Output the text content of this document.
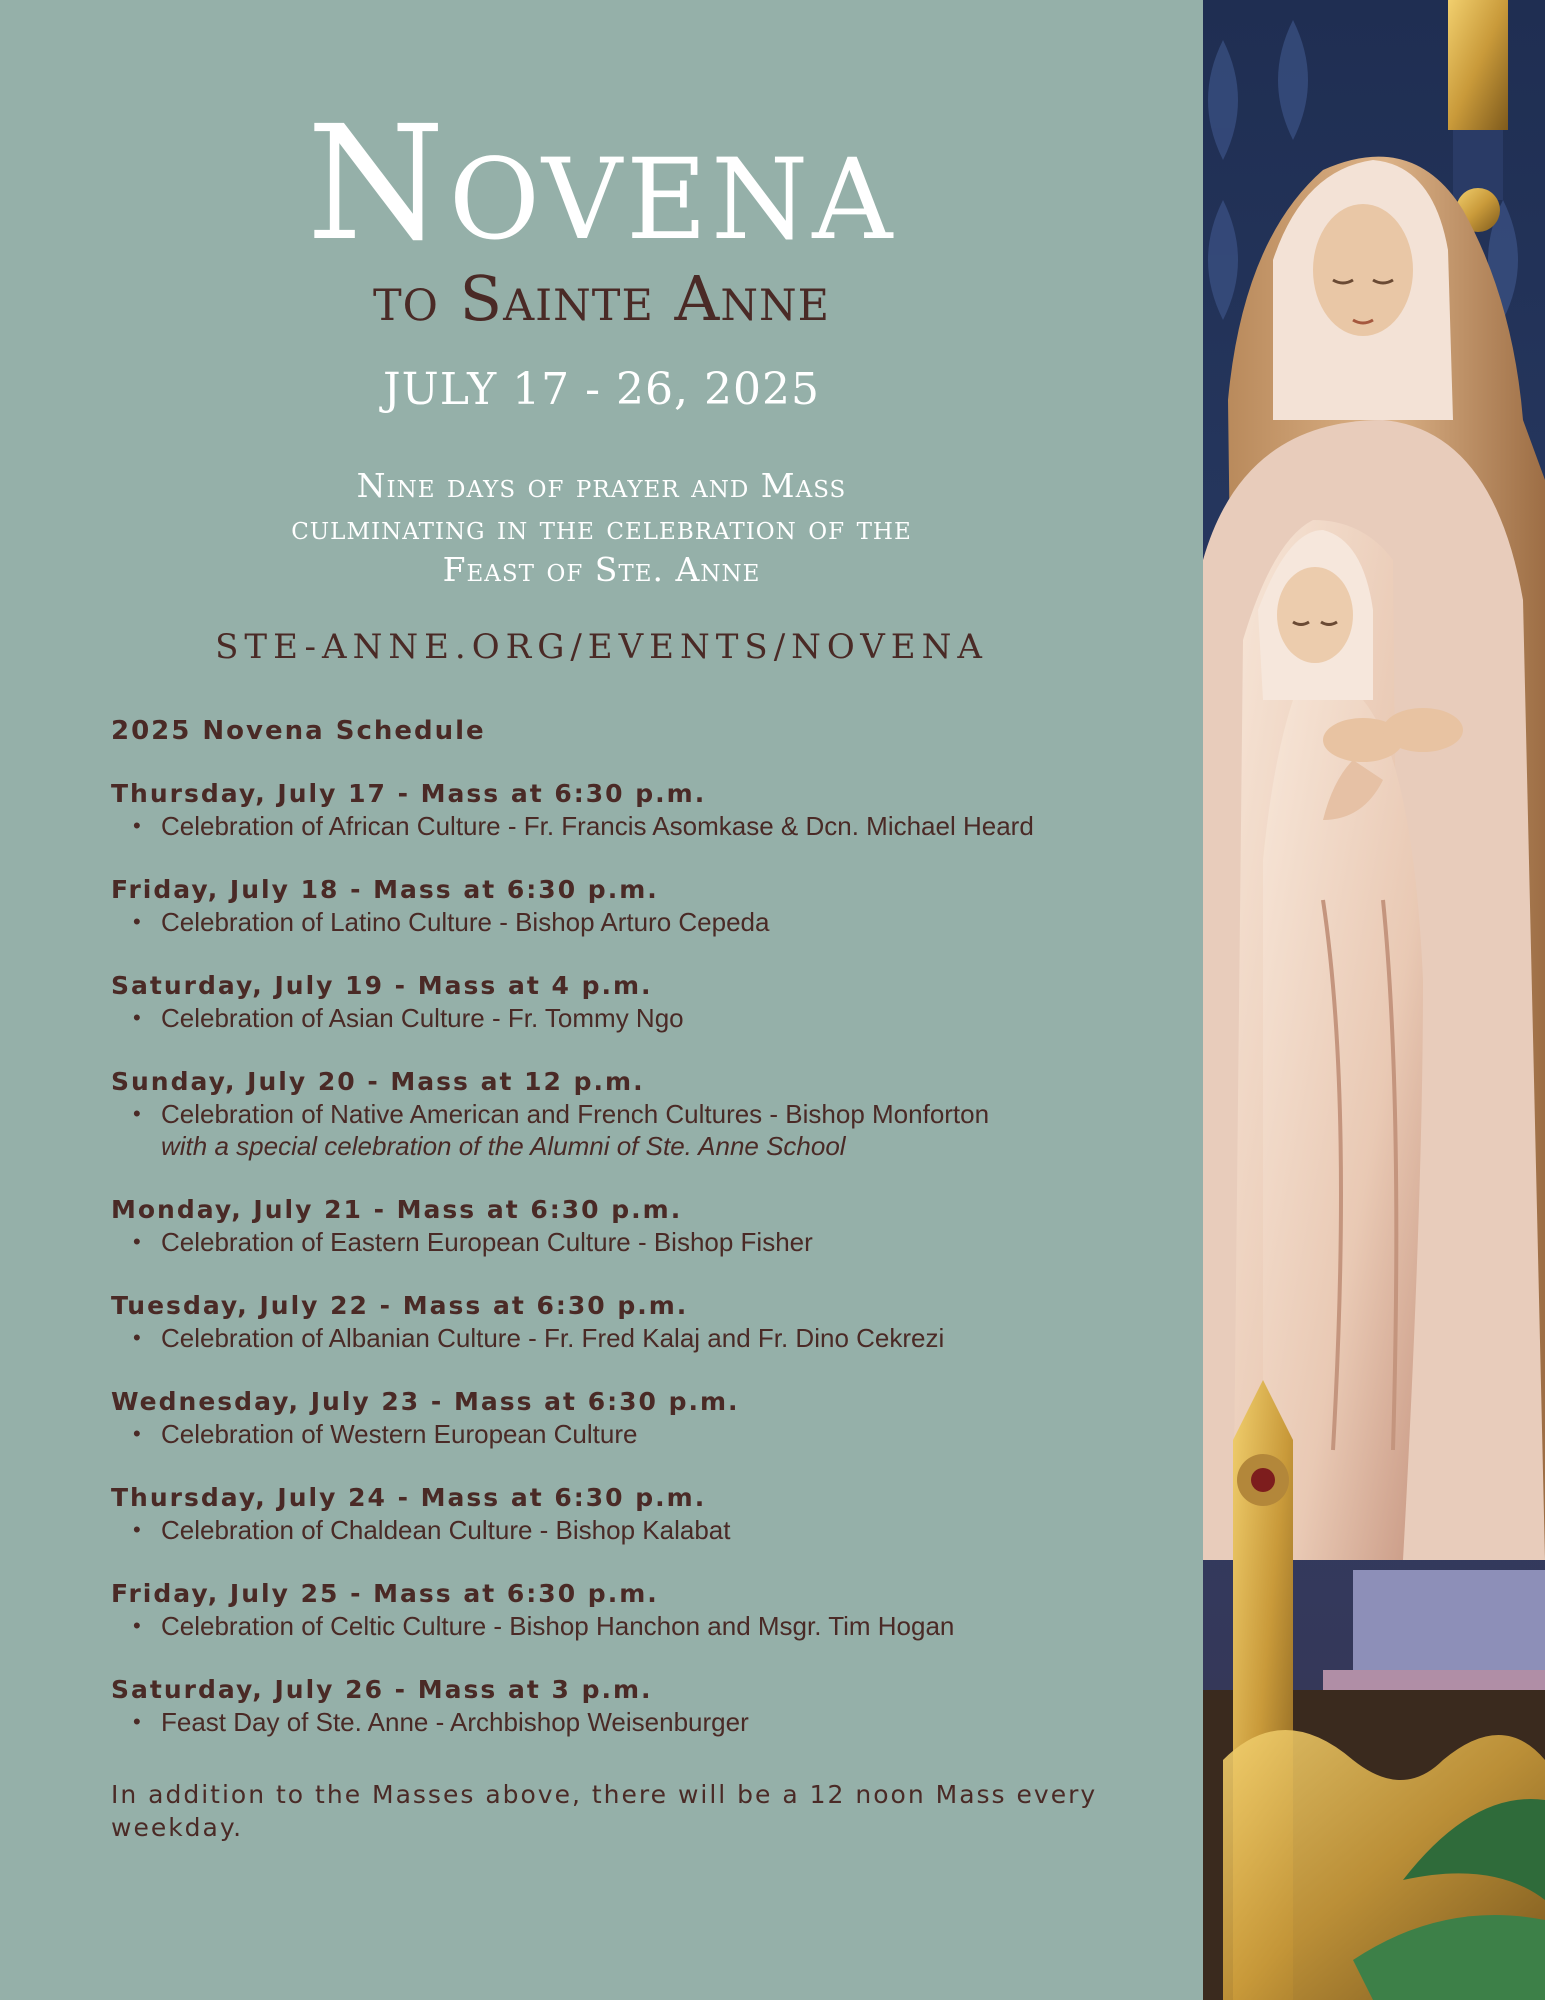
Novena
to Sainte Anne
JULY 17 - 26, 2025
Nine days of prayer and Mass
culminating in the celebration of the
Feast of Ste. Anne
STE-ANNE.ORG/EVENTS/NOVENA
2025 Novena Schedule
Thursday, July 17 - Mass at 6:30 p.m.
• Celebration of African Culture - Fr. Francis Asomkase & Dcn. Michael Heard
Friday, July 18 - Mass at 6:30 p.m.
• Celebration of Latino Culture - Bishop Arturo Cepeda
Saturday, July 19 - Mass at 4 p.m.
• Celebration of Asian Culture - Fr. Tommy Ngo
Sunday, July 20 - Mass at 12 p.m.
• Celebration of Native American and French Cultures - Bishop Monforton
with a special celebration of the Alumni of Ste. Anne School
Monday, July 21 - Mass at 6:30 p.m.
• Celebration of Eastern European Culture - Bishop Fisher
Tuesday, July 22 - Mass at 6:30 p.m.
• Celebration of Albanian Culture - Fr. Fred Kalaj and Fr. Dino Cekrezi
Wednesday, July 23 - Mass at 6:30 p.m.
• Celebration of Western European Culture
Thursday, July 24 - Mass at 6:30 p.m.
• Celebration of Chaldean Culture - Bishop Kalabat
Friday, July 25 - Mass at 6:30 p.m.
• Celebration of Celtic Culture - Bishop Hanchon and Msgr. Tim Hogan
Saturday, July 26 - Mass at 3 p.m.
• Feast Day of Ste. Anne - Archbishop Weisenburger
In addition to the Masses above, there will be a 12 noon Mass every weekday.
